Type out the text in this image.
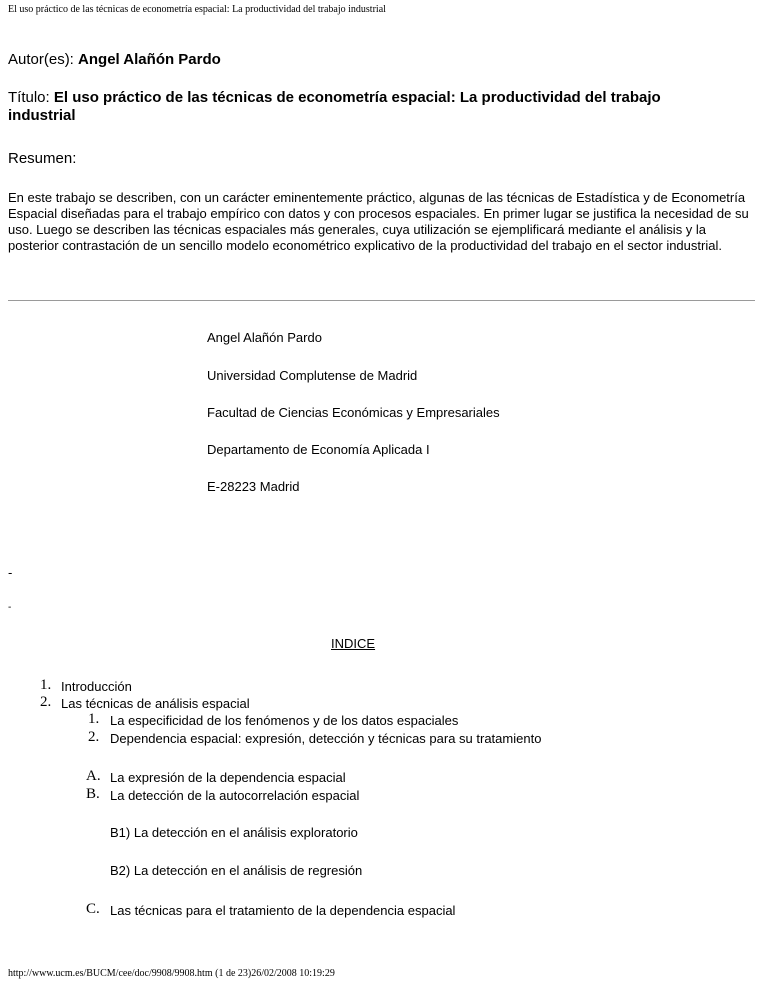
El uso práctico de las técnicas de econometría espacial: La productividad del trabajo industrial
Autor(es): Angel Alañón Pardo
Título: El uso práctico de las técnicas de econometría espacial: La productividad del trabajo industrial
Resumen:
En este trabajo se describen, con un carácter eminentemente práctico, algunas de las técnicas de Estadística y de Econometría Espacial diseñadas para el trabajo empírico con datos y con procesos espaciales. En primer lugar se justifica la necesidad de su uso. Luego se describen las técnicas espaciales más generales, cuya utilización se ejemplificará mediante el análisis y la posterior contrastación de un sencillo modelo econométrico explicativo de la productividad del trabajo en el sector industrial.
Angel Alañón Pardo
Universidad Complutense de Madrid
Facultad de Ciencias Económicas y Empresariales
Departamento de Economía Aplicada I
E-28223 Madrid
-
-
INDICE
1. Introducción
2. Las técnicas de análisis espacial
1. La especificidad de los fenómenos y de los datos espaciales
2. Dependencia espacial: expresión, detección y técnicas para su tratamiento
A. La expresión de la dependencia espacial
B. La detección de la autocorrelación espacial
B1) La detección en el análisis exploratorio
B2) La detección en el análisis de regresión
C. Las técnicas para el tratamiento de la dependencia espacial
http://www.ucm.es/BUCM/cee/doc/9908/9908.htm (1 de 23)26/02/2008 10:19:29
